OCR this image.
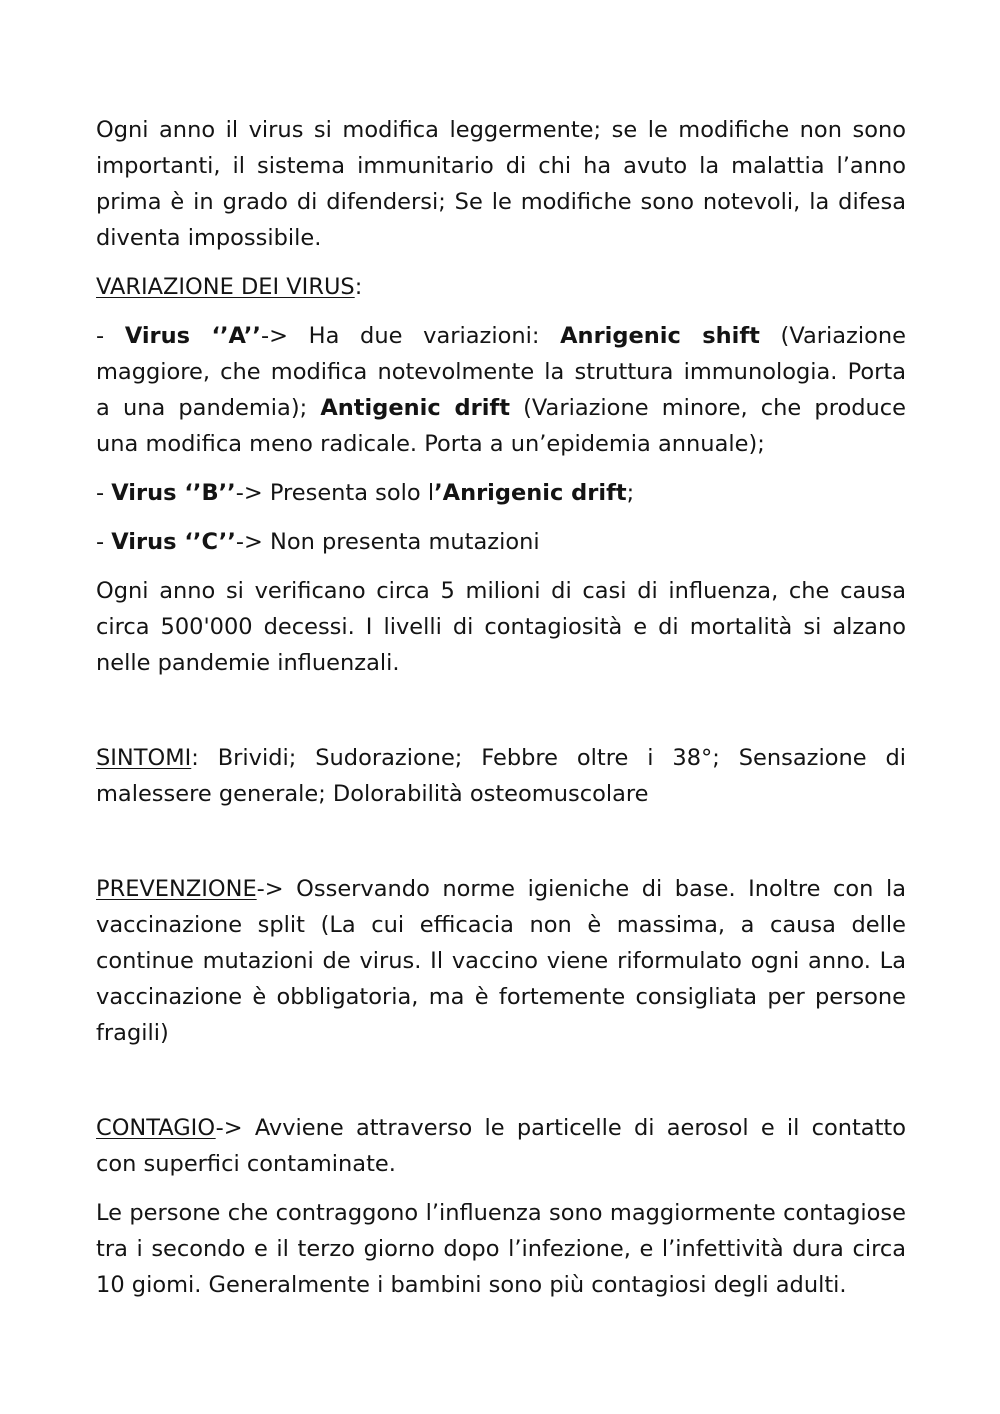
Ogni anno il virus si modifica leggermente; se le modifiche non sono importanti, il sistema immunitario di chi ha avuto la malattia l’anno prima è in grado di difendersi; Se le modifiche sono notevoli, la difesa diventa impossibile.

VARIAZIONE DEI VIRUS:

- Virus ‘’A’’-> Ha due variazioni: Anrigenic shift (Variazione maggiore, che modifica notevolmente la struttura immunologia. Porta a una pandemia); Antigenic drift (Variazione minore, che produce una modifica meno radicale. Porta a un’epidemia annuale);

- Virus ‘’B’’-> Presenta solo l’Anrigenic drift;

- Virus ‘’C’’-> Non presenta mutazioni

Ogni anno si verificano circa 5 milioni di casi di influenza, che causa circa 500'000 decessi. I livelli di contagiosità e di mortalità si alzano nelle pandemie influenzali.

SINTOMI: Brividi; Sudorazione; Febbre oltre i 38°; Sensazione di malessere generale; Dolorabilità osteomuscolare

PREVENZIONE-> Osservando norme igieniche di base. Inoltre con la vaccinazione split (La cui efficacia non è massima, a causa delle continue mutazioni de virus. Il vaccino viene riformulato ogni anno. La vaccinazione è obbligatoria, ma è fortemente consigliata per persone fragili)

CONTAGIO-> Avviene attraverso le particelle di aerosol e il contatto con superfici contaminate.

Le persone che contraggono l’influenza sono maggiormente contagiose tra i secondo e il terzo giorno dopo l’infezione, e l’infettività dura circa 10 giomi. Generalmente i bambini sono più contagiosi degli adulti.
